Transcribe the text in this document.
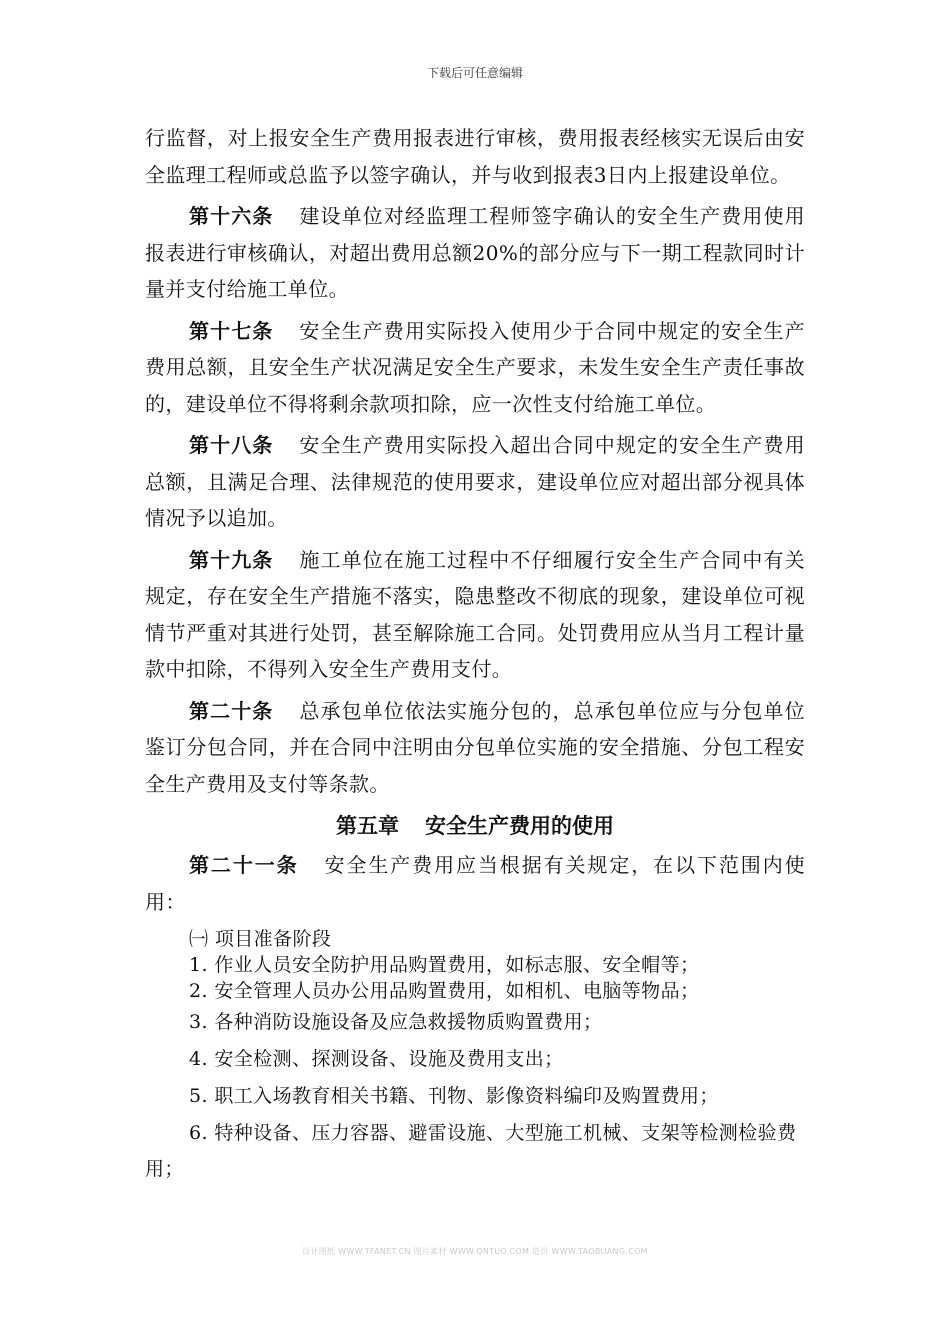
下载后可任意编辑

行监督，对上报安全生产费用报表进行审核，费用报表经核实无误后由安全监理工程师或总监予以签字确认，并与收到报表3日内上报建设单位。

第十六条 建设单位对经监理工程师签字确认的安全生产费用使用报表进行审核确认，对超出费用总额20%的部分应与下一期工程款同时计量并支付给施工单位。

第十七条 安全生产费用实际投入使用少于合同中规定的安全生产费用总额，且安全生产状况满足安全生产要求，未发生安全生产责任事故的，建设单位不得将剩余款项扣除，应一次性支付给施工单位。

第十八条 安全生产费用实际投入超出合同中规定的安全生产费用总额，且满足合理、法律规范的使用要求，建设单位应对超出部分视具体情况予以追加。

第十九条 施工单位在施工过程中不仔细履行安全生产合同中有关规定，存在安全生产措施不落实，隐患整改不彻底的现象，建设单位可视情节严重对其进行处罚，甚至解除施工合同。处罚费用应从当月工程计量款中扣除，不得列入安全生产费用支付。

第二十条 总承包单位依法实施分包的，总承包单位应与分包单位鉴订分包合同，并在合同中注明由分包单位实施的安全措施、分包工程安全生产费用及支付等条款。

第五章 安全生产费用的使用

第二十一条 安全生产费用应当根据有关规定，在以下范围内使用：

㈠ 项目准备阶段
1. 作业人员安全防护用品购置费用，如标志服、安全帽等；
2. 安全管理人员办公用品购置费用，如相机、电脑等物品；
3. 各种消防设施设备及应急救援物质购置费用；
4. 安全检测、探测设备、设施及费用支出；
5. 职工入场教育相关书籍、刊物、影像资料编印及购置费用；
6. 特种设备、压力容器、避雷设施、大型施工机械、支架等检测检验费用；
设计图纸 WWW.TFANET.CN 图片素材 WWW.QNTUO.COM 造价 WWW.TAOBUANG.COM
